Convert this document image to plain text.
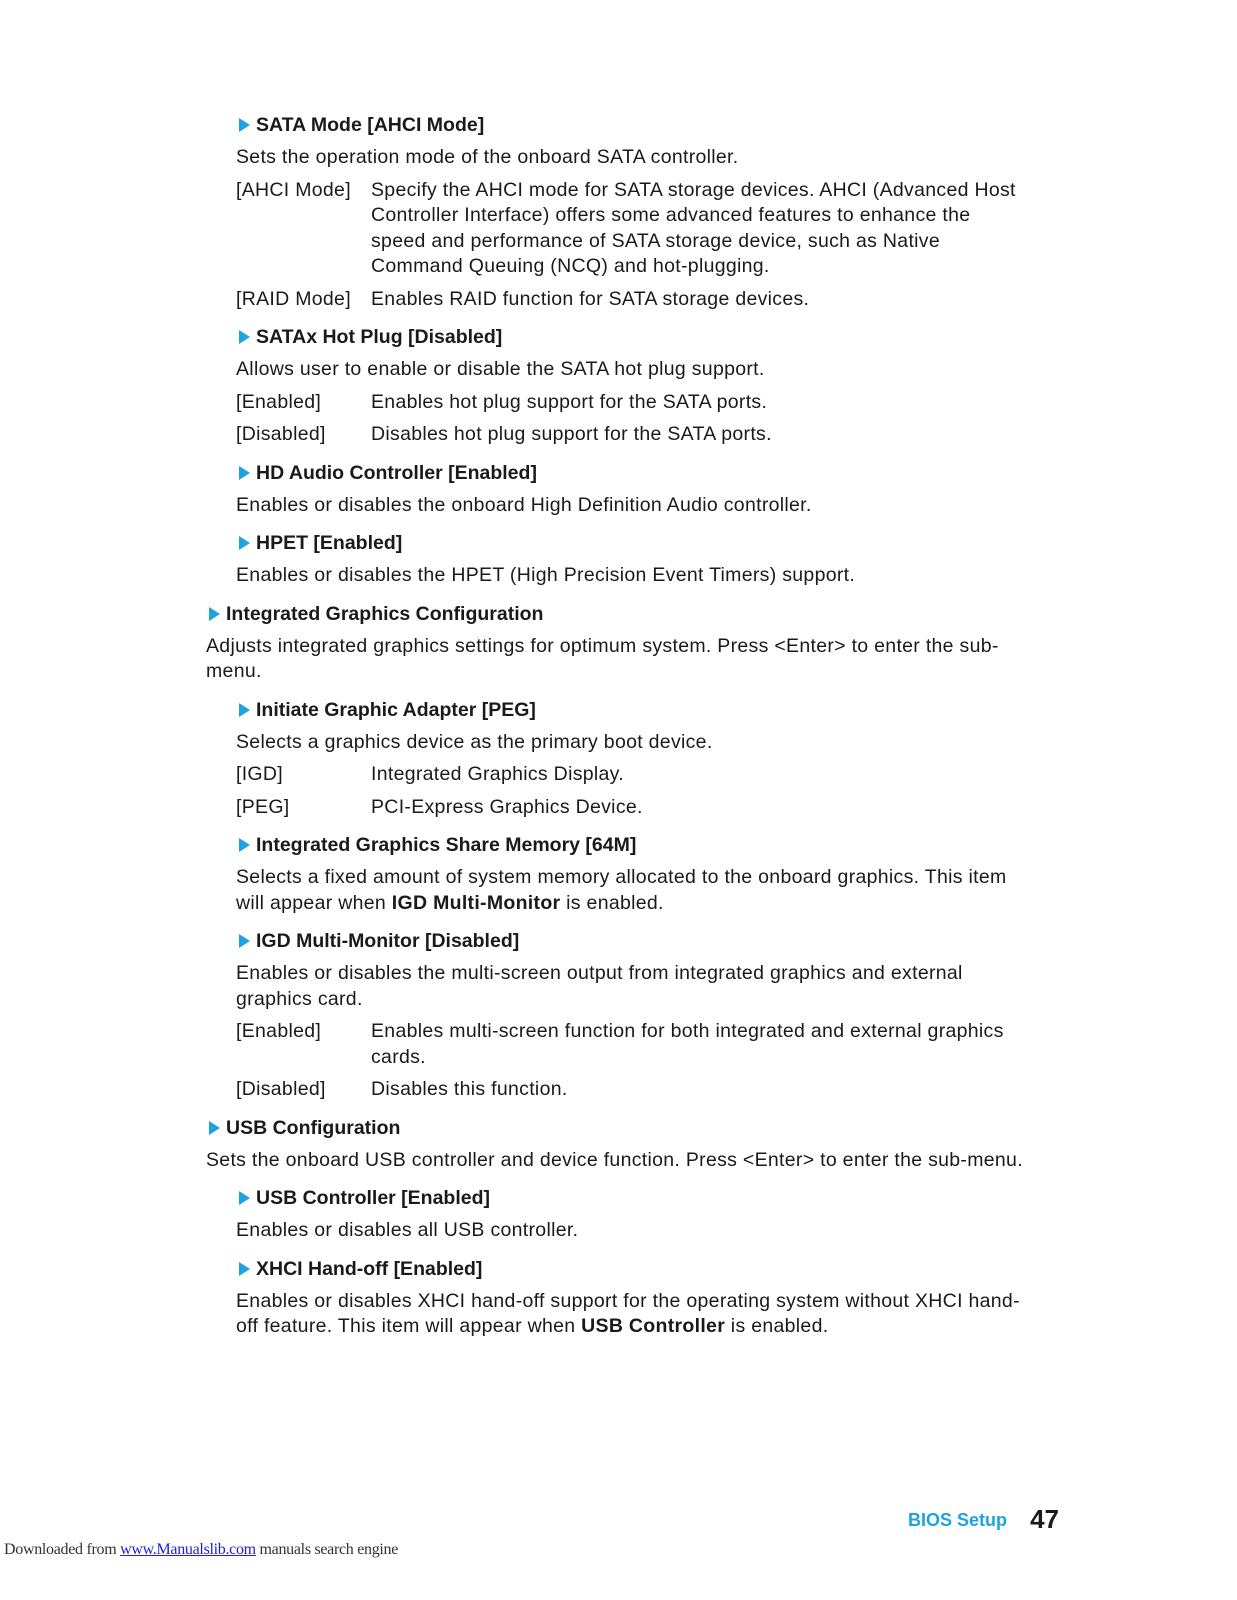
SATA Mode [AHCI Mode]

Sets the operation mode of the onboard SATA controller.

[AHCI Mode]	Specify the AHCI mode for SATA storage devices. AHCI (Advanced Host Controller Interface) offers some advanced features to enhance the speed and performance of SATA storage device, such as Native Command Queuing (NCQ) and hot-plugging.
[RAID Mode]	Enables RAID function for SATA storage devices.
SATAx Hot Plug [Disabled]

Allows user to enable or disable the SATA hot plug support.

[Enabled]	Enables hot plug support for the SATA ports.
[Disabled]	Disables hot plug support for the SATA ports.
HD Audio Controller [Enabled]

Enables or disables the onboard High Definition Audio controller.

HPET [Enabled]

Enables or disables the HPET (High Precision Event Timers) support.

Integrated Graphics Configuration

Adjusts integrated graphics settings for optimum system. Press <Enter> to enter the sub-menu.

Initiate Graphic Adapter [PEG]

Selects a graphics device as the primary boot device.

[IGD]	Integrated Graphics Display.
[PEG]	PCI-Express Graphics Device.
Integrated Graphics Share Memory [64M]

Selects a fixed amount of system memory allocated to the onboard graphics. This item will appear when IGD Multi-Monitor is enabled.

IGD Multi-Monitor [Disabled]

Enables or disables the multi-screen output from integrated graphics and external graphics card.

[Enabled]	Enables multi-screen function for both integrated and external graphics cards.
[Disabled]	Disables this function.
USB Configuration

Sets the onboard USB controller and device function. Press <Enter> to enter the sub-menu.

USB Controller [Enabled]

Enables or disables all USB controller.

XHCI Hand-off [Enabled]

Enables or disables XHCI hand-off support for the operating system without XHCI hand-off feature. This item will appear when USB Controller is enabled.

BIOS Setup 47
Downloaded from www.Manualslib.com manuals search engine
